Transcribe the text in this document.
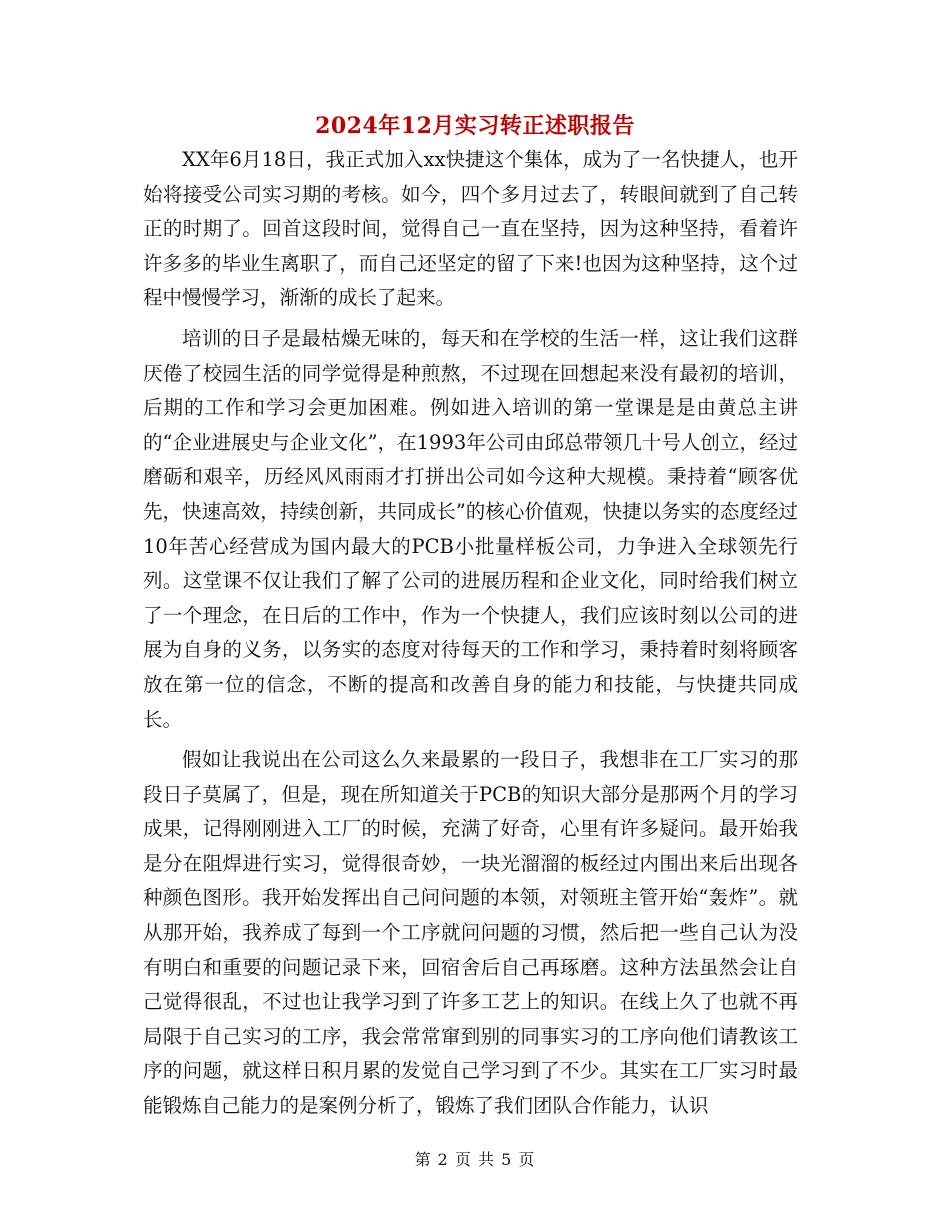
2024年12月实习转正述职报告

XX年6月18日，我正式加入xx快捷这个集体，成为了一名快捷人，也开始将接受公司实习期的考核。如今，四个多月过去了，转眼间就到了自己转正的时期了。回首这段时间，觉得自己一直在坚持，因为这种坚持，看着许许多多的毕业生离职了，而自己还坚定的留了下来!也因为这种坚持，这个过程中慢慢学习，渐渐的成长了起来。

培训的日子是最枯燥无味的，每天和在学校的生活一样，这让我们这群厌倦了校园生活的同学觉得是种煎熬，不过现在回想起来没有最初的培训，后期的工作和学习会更加困难。例如进入培训的第一堂课是是由黄总主讲的“企业进展史与企业文化”，在1993年公司由邱总带领几十号人创立，经过磨砺和艰辛，历经风风雨雨才打拼出公司如今这种大规模。秉持着“顾客优先，快速高效，持续创新，共同成长”的核心价值观，快捷以务实的态度经过10年苦心经营成为国内最大的PCB小批量样板公司，力争进入全球领先行列。这堂课不仅让我们了解了公司的进展历程和企业文化，同时给我们树立了一个理念，在日后的工作中，作为一个快捷人，我们应该时刻以公司的进展为自身的义务，以务实的态度对待每天的工作和学习，秉持着时刻将顾客放在第一位的信念，不断的提高和改善自身的能力和技能，与快捷共同成长。

假如让我说出在公司这么久来最累的一段日子，我想非在工厂实习的那段日子莫属了，但是，现在所知道关于PCB的知识大部分是那两个月的学习成果，记得刚刚进入工厂的时候，充满了好奇，心里有许多疑问。最开始我是分在阻焊进行实习，觉得很奇妙，一块光溜溜的板经过内围出来后出现各种颜色图形。我开始发挥出自己问问题的本领，对领班主管开始“轰炸”。就从那开始，我养成了每到一个工序就问问题的习惯，然后把一些自己认为没有明白和重要的问题记录下来，回宿舍后自己再琢磨。这种方法虽然会让自己觉得很乱，不过也让我学习到了许多工艺上的知识。在线上久了也就不再局限于自己实习的工序，我会常常窜到别的同事实习的工序向他们请教该工序的问题，就这样日积月累的发觉自己学习到了不少。其实在工厂实习时最能锻炼自己能力的是案例分析了，锻炼了我们团队合作能力，认识

第 2 页 共 5 页
